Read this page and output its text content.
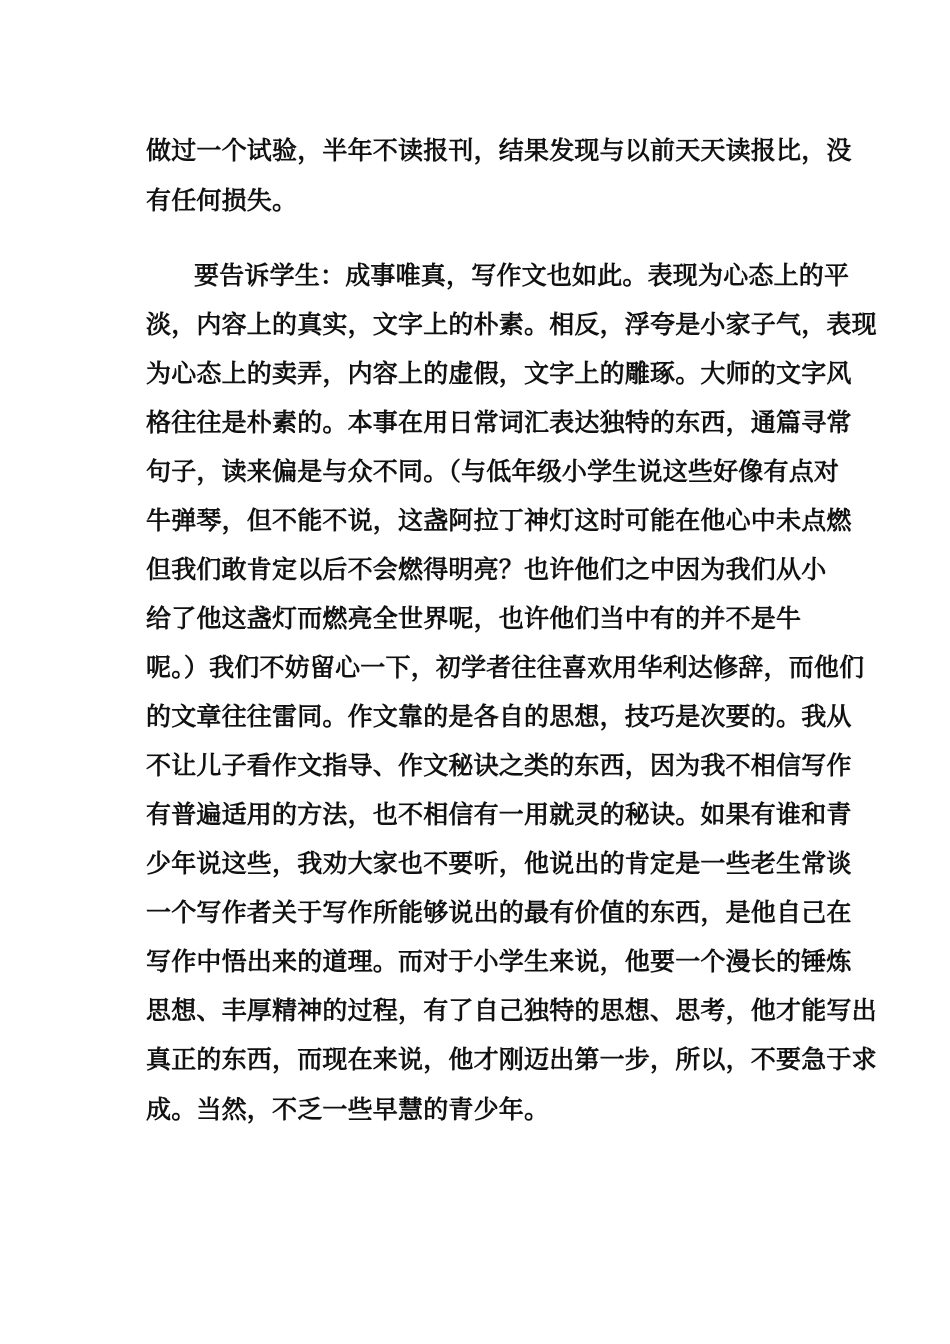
做过一个试验，半年不读报刊，结果发现与以前天天读报比，没
有任何损失。
要告诉学生：成事唯真，写作文也如此。表现为心态上的平
淡，内容上的真实，文字上的朴素。相反，浮夸是小家子气，表现
为心态上的卖弄，内容上的虚假，文字上的雕琢。大师的文字风
格往往是朴素的。本事在用日常词汇表达独特的东西，通篇寻常
句子，读来偏是与众不同。（与低年级小学生说这些好像有点对
牛弹琴，但不能不说，这盏阿拉丁神灯这时可能在他心中未点燃
但我们敢肯定以后不会燃得明亮？也许他们之中因为我们从小
给了他这盏灯而燃亮全世界呢，也许他们当中有的并不是牛
呢。）我们不妨留心一下，初学者往往喜欢用华利达修辞，而他们
的文章往往雷同。作文靠的是各自的思想，技巧是次要的。我从
不让儿子看作文指导、作文秘诀之类的东西，因为我不相信写作
有普遍适用的方法，也不相信有一用就灵的秘诀。如果有谁和青
少年说这些，我劝大家也不要听，他说出的肯定是一些老生常谈
一个写作者关于写作所能够说出的最有价值的东西，是他自己在
写作中悟出来的道理。而对于小学生来说，他要一个漫长的锤炼
思想、丰厚精神的过程，有了自己独特的思想、思考，他才能写出
真正的东西，而现在来说，他才刚迈出第一步，所以，不要急于求
成。当然，不乏一些早慧的青少年。
